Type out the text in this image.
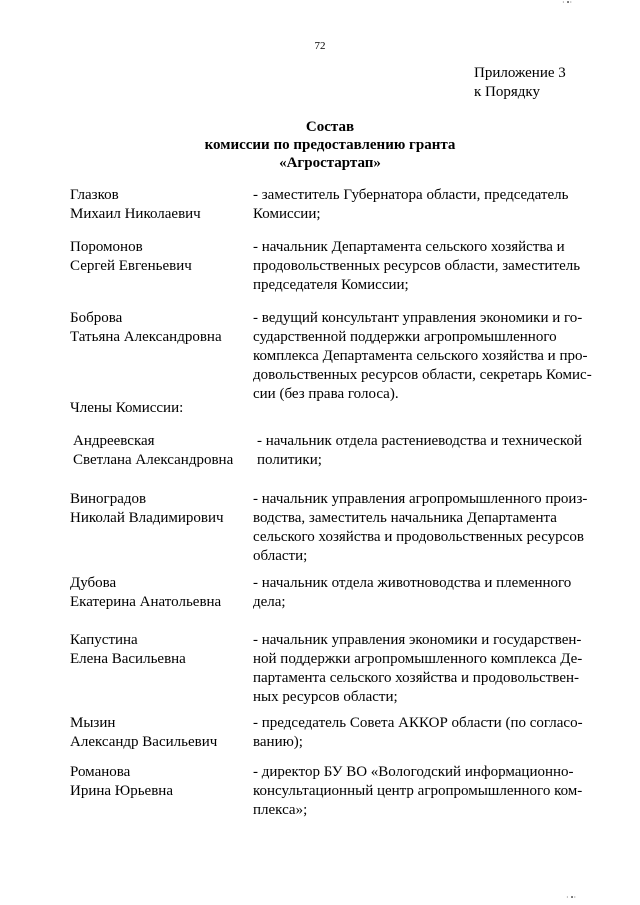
· •·
72
Приложение 3
к Порядку
Состав
комиссии по предоставлению гранта
«Агростартап»
Глазков
Михаил Николаевич
- заместитель Губернатора области, председатель
Комиссии;
Поромонов
Сергей Евгеньевич
- начальник Департамента сельского хозяйства и
продовольственных ресурсов области, заместитель
председателя Комиссии;
Боброва
Татьяна Александровна
- ведущий консультант управления экономики и го-
сударственной поддержки агропромышленного
комплекса Департамента сельского хозяйства и про-
довольственных ресурсов области, секретарь Комис-
сии (без права голоса).
Члены Комиссии:
Андреевская
Светлана Александровна
- начальник отдела растениеводства и технической
политики;
Виноградов
Николай Владимирович
- начальник управления агропромышленного произ-
водства, заместитель начальника Департамента
сельского хозяйства и продовольственных ресурсов
области;
Дубова
Екатерина Анатольевна
- начальник отдела животноводства и племенного
дела;
Капустина
Елена Васильевна
- начальник управления экономики и государствен-
ной поддержки агропромышленного комплекса Де-
партамента сельского хозяйства и продовольствен-
ных ресурсов области;
Мызин
Александр Васильевич
- председатель Совета АККОР области (по согласо-
ванию);
Романова
Ирина Юрьевна
- директор БУ ВО «Вологодский информационно-
консультационный центр агропромышленного ком-
плекса»;
· •·
